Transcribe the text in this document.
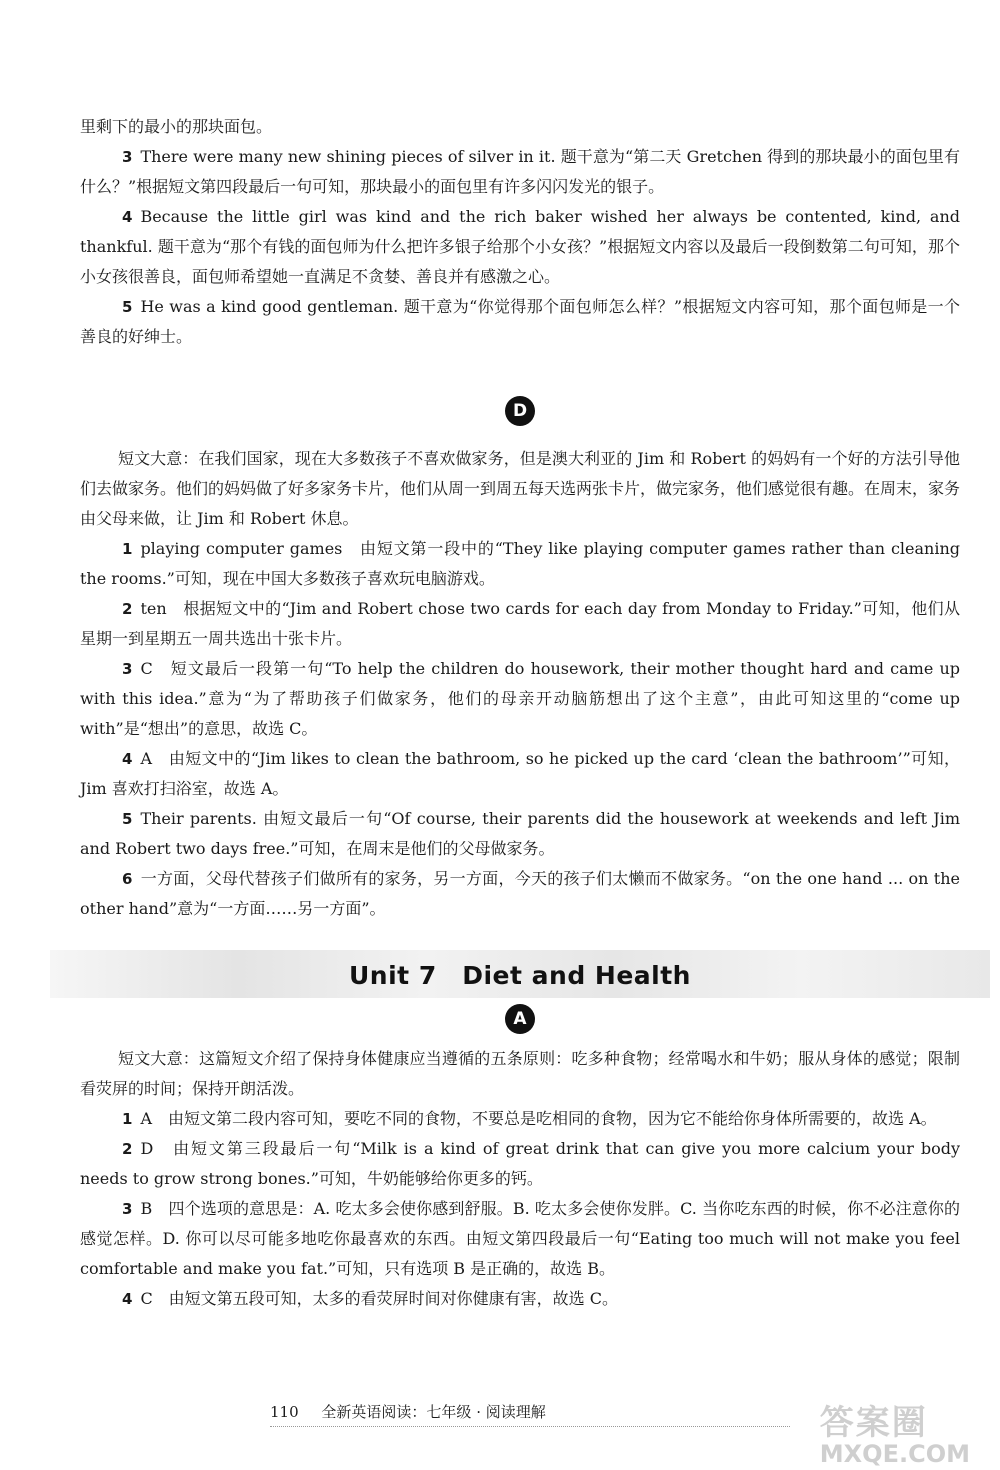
里剩下的最小的那块面包。

3 There were many new shining pieces of silver in it. 题干意为“第二天 Gretchen 得到的那块最小的面包里有什么？”根据短文第四段最后一句可知，那块最小的面包里有许多闪闪发光的银子。

4 Because the little girl was kind and the rich baker wished her always be contented, kind, and thankful. 题干意为“那个有钱的面包师为什么把许多银子给那个小女孩？”根据短文内容以及最后一段倒数第二句可知，那个小女孩很善良，面包师希望她一直满足不贪婪、善良并有感激之心。

5 He was a kind good gentleman. 题干意为“你觉得那个面包师怎么样？”根据短文内容可知，那个面包师是一个善良的好绅士。

D

短文大意：在我们国家，现在大多数孩子不喜欢做家务，但是澳大利亚的 Jim 和 Robert 的妈妈有一个好的方法引导他们去做家务。他们的妈妈做了好多家务卡片，他们从周一到周五每天选两张卡片，做完家务，他们感觉很有趣。在周末，家务由父母来做，让 Jim 和 Robert 休息。

1 playing computer games　由短文第一段中的“They like playing computer games rather than cleaning the rooms.”可知，现在中国大多数孩子喜欢玩电脑游戏。

2 ten　根据短文中的“Jim and Robert chose two cards for each day from Monday to Friday.”可知，他们从星期一到星期五一周共选出十张卡片。

3 C　短文最后一段第一句“To help the children do housework, their mother thought hard and came up with this idea.”意为“为了帮助孩子们做家务，他们的母亲开动脑筋想出了这个主意”，由此可知这里的“come up with”是“想出”的意思，故选 C。

4 A　由短文中的“Jim likes to clean the bathroom, so he picked up the card ‘clean the bathroom’”可知，Jim 喜欢打扫浴室，故选 A。

5 Their parents. 由短文最后一句“Of course, their parents did the housework at weekends and left Jim and Robert two days free.”可知，在周末是他们的父母做家务。

6 一方面，父母代替孩子们做所有的家务，另一方面，今天的孩子们太懒而不做家务。“on the one hand ... on the other hand”意为“一方面……另一方面”。

Unit 7　Diet and Health
A

短文大意：这篇短文介绍了保持身体健康应当遵循的五条原则：吃多种食物；经常喝水和牛奶；服从身体的感觉；限制看荧屏的时间；保持开朗活泼。

1 A　由短文第二段内容可知，要吃不同的食物，不要总是吃相同的食物，因为它不能给你身体所需要的，故选 A。

2 D　由短文第三段最后一句“Milk is a kind of great drink that can give you more calcium your body needs to grow strong bones.”可知，牛奶能够给你更多的钙。

3 B　四个选项的意思是：A. 吃太多会使你感到舒服。B. 吃太多会使你发胖。C. 当你吃东西的时候，你不必注意你的感觉怎样。D. 你可以尽可能多地吃你最喜欢的东西。由短文第四段最后一句“Eating too much will not make you feel comfortable and make you fat.”可知，只有选项 B 是正确的，故选 B。

4 C　由短文第五段可知，太多的看荧屏时间对你健康有害，故选 C。

110 全新英语阅读：七年级 · 阅读理解	答案圈
MXQE.COM
